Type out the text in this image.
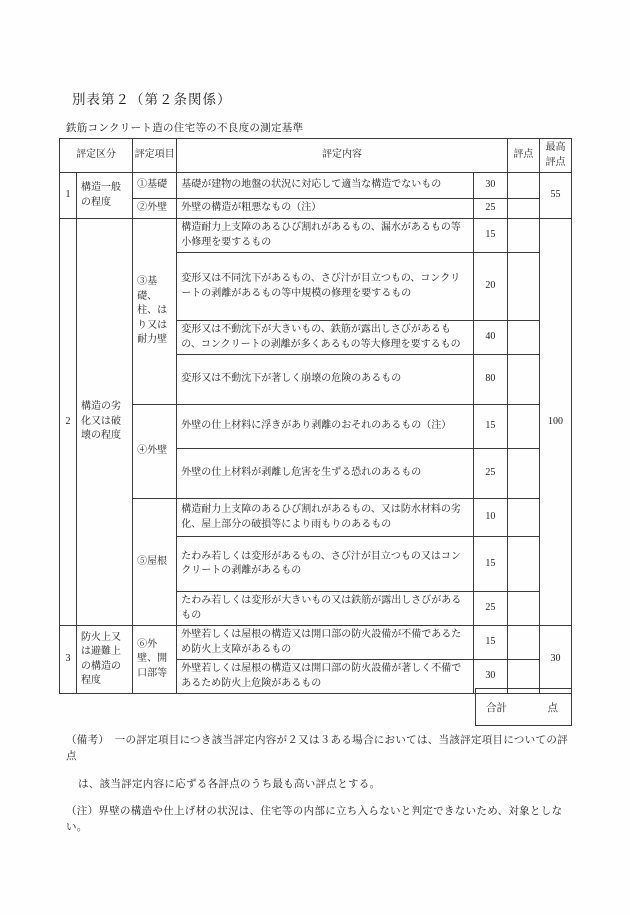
別表第２（第２条関係）
鉄筋コンクリート造の住宅等の不良度の測定基準
評定区分		評定項目	評定内容		評点	最高評点
1	構造一般の程度	①基礎	基礎が建物の地盤の状況に対応して適当な構造でないもの	30		55
		②外壁	外壁の構造が粗悪なもの（注）	25		
2	構造の劣化又は破壊の程度	③基礎、柱、はり又は耐力壁	構造耐力上支障のあるひび割れがあるもの、漏水があるもの等小修理を要するもの	15		100
			変形又は不同沈下があるもの、さび汁が目立つもの、コンクリートの剥離があるもの等中規模の修理を要するもの	20		
			変形又は不動沈下が大きいもの、鉄筋が露出しさびがあるもの、コンクリートの剥離が多くあるもの等大修理を要するもの	40		
			変形又は不動沈下が著しく崩壊の危険のあるもの	80		
		④外壁	外壁の仕上材料に浮きがあり剥離のおそれのあるもの（注）	15		
			外壁の仕上材料が剥離し危害を生ずる恐れのあるもの	25		
		⑤屋根	構造耐力上支障のあるひび割れがあるもの、又は防水材料の劣化、屋上部分の破損等により雨もりのあるもの	10		
			たわみ若しくは変形があるもの、さび汁が目立つもの又はコンクリートの剥離があるもの	15		
			たわみ若しくは変形が大きいもの又は鉄筋が露出しさびがあるもの	25		
3	防火上又は避難上の構造の程度	⑥外壁、開口部等	外壁若しくは屋根の構造又は開口部の防火設備が不備であるため防火上支障があるもの	15		30
			外壁若しくは屋根の構造又は開口部の防火設備が著しく不備であるため防火上危険があるもの	30		
合計	点
（備考）　一の評定項目につき該当評定内容が２又は３ある場合においては、当該評定項目についての評点
は、該当評定内容に応ずる各評点のうち最も高い評点とする。
（注）界壁の構造や仕上げ材の状況は、住宅等の内部に立ち入らないと判定できないため、対象としない。
